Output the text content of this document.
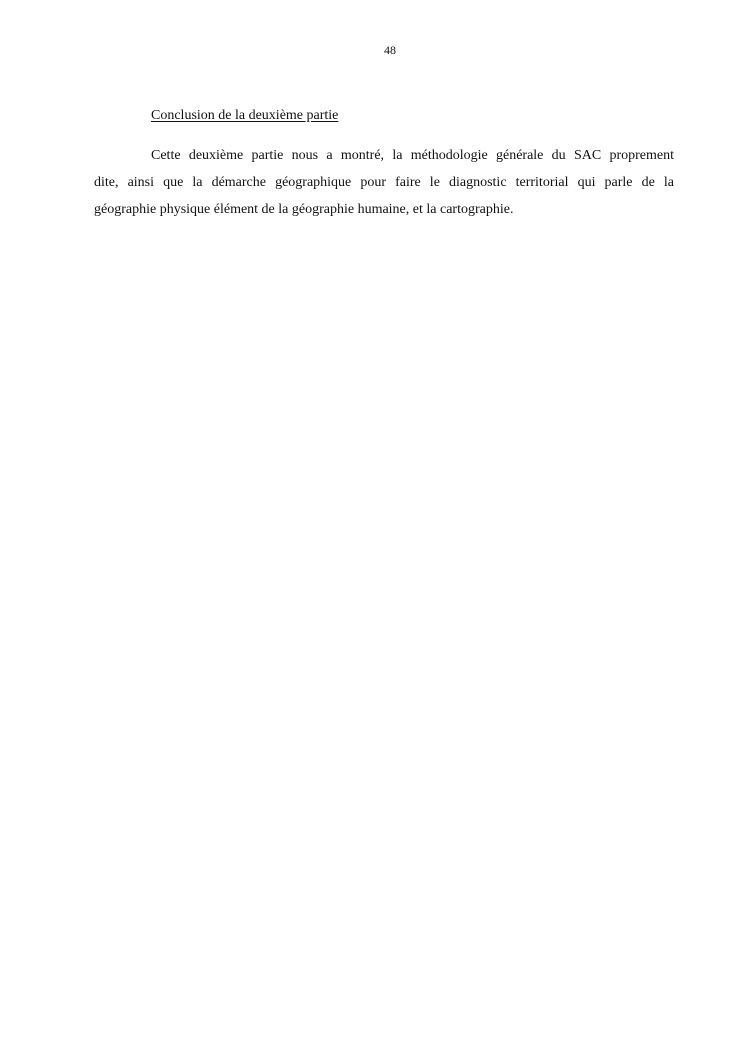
48
Conclusion de la deuxième partie

Cette deuxième partie nous a montré, la méthodologie générale du SAC proprement
dite, ainsi que la démarche géographique pour faire le diagnostic territorial qui parle de la
géographie physique élément de la géographie humaine, et la cartographie.
